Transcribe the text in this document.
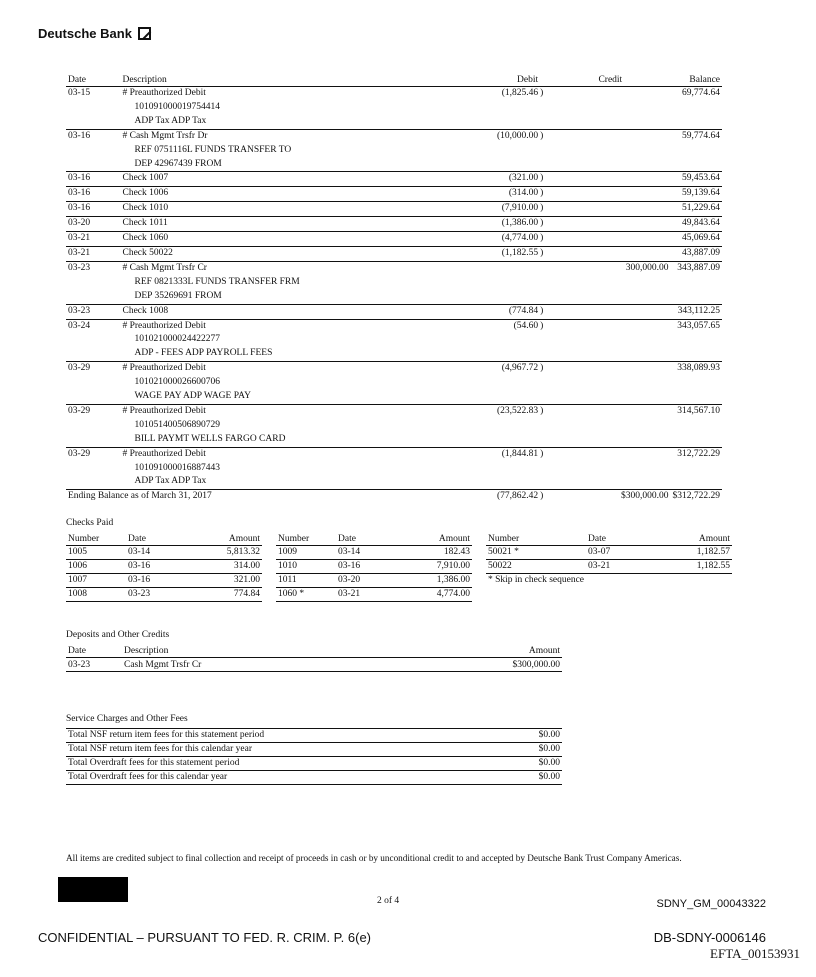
Deutsche Bank
Date	Description	Debit	Credit	Balance
03-15	# Preauthorized Debit	(1,825.46 )		69,774.64
	101091000019754414			
	ADP Tax ADP Tax			
03-16	# Cash Mgmt Trsfr Dr	(10,000.00 )		59,774.64
	REF 0751116L FUNDS TRANSFER TO			
	DEP 42967439 FROM			
03-16	Check 1007	(321.00 )		59,453.64
03-16	Check 1006	(314.00 )		59,139.64
03-16	Check 1010	(7,910.00 )		51,229.64
03-20	Check 1011	(1,386.00 )		49,843.64
03-21	Check 1060	(4,774.00 )		45,069.64
03-21	Check 50022	(1,182.55 )		43,887.09
03-23	# Cash Mgmt Trsfr Cr		300,000.00	343,887.09
	REF 0821333L FUNDS TRANSFER FRM			
	DEP 35269691 FROM			
03-23	Check 1008	(774.84 )		343,112.25
03-24	# Preauthorized Debit	(54.60 )		343,057.65
	101021000024422277			
	ADP - FEES ADP PAYROLL FEES			
03-29	# Preauthorized Debit	(4,967.72 )		338,089.93
	101021000026600706			
	WAGE PAY ADP WAGE PAY			
03-29	# Preauthorized Debit	(23,522.83 )		314,567.10
	101051400506890729			
	BILL PAYMT WELLS FARGO CARD			
03-29	# Preauthorized Debit	(1,844.81 )		312,722.29
	101091000016887443			
	ADP Tax ADP Tax			
Ending Balance as of March 31, 2017		(77,862.42 )	$300,000.00	$312,722.29
Checks Paid
Number	Date	Amount		Number	Date	Amount		Number	Date	Amount
1005	03-14	5,813.32		1009	03-14	182.43		50021 *	03-07	1,182.57
1006	03-16	314.00		1010	03-16	7,910.00		50022	03-21	1,182.55
1007	03-16	321.00		1011	03-20	1,386.00		* Skip in check sequence		
1008	03-23	774.84		1060 *	03-21	4,774.00				
Deposits and Other Credits
Date	Description	Amount
03-23	Cash Mgmt Trsfr Cr	$300,000.00
Service Charges and Other Fees
Total NSF return item fees for this statement period	$0.00
Total NSF return item fees for this calendar year	$0.00
Total Overdraft fees for this statement period	$0.00
Total Overdraft fees for this calendar year	$0.00
All items are credited subject to final collection and receipt of proceeds in cash or by unconditional credit to and accepted by Deutsche Bank Trust Company Americas.
2 of 4	SDNY_GM_00043322
CONFIDENTIAL – PURSUANT TO FED. R. CRIM. P. 6(e)	DB-SDNY-0006146
EFTA_00153931
